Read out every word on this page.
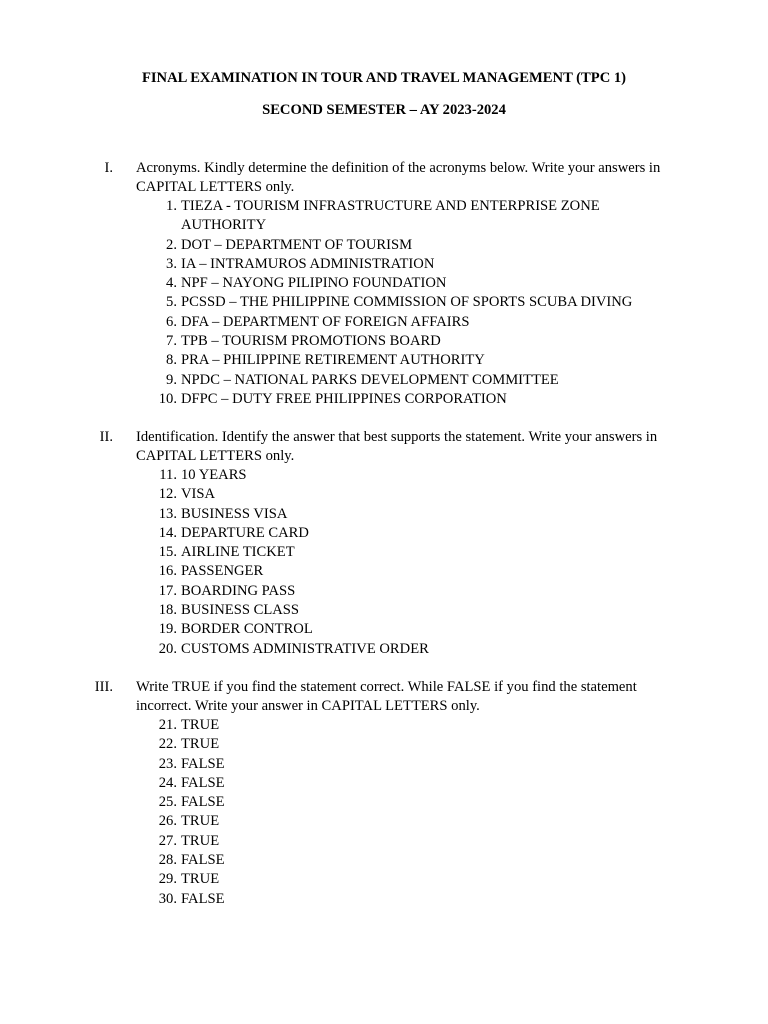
FINAL EXAMINATION IN TOUR AND TRAVEL MANAGEMENT (TPC 1)
SECOND SEMESTER – AY 2023-2024
I. Acronyms. Kindly determine the definition of the acronyms below. Write your answers in CAPITAL LETTERS only.
1. TIEZA - TOURISM INFRASTRUCTURE AND ENTERPRISE ZONE AUTHORITY
2. DOT – DEPARTMENT OF TOURISM
3. IA – INTRAMUROS ADMINISTRATION
4. NPF – NAYONG PILIPINO FOUNDATION
5. PCSSD – THE PHILIPPINE COMMISSION OF SPORTS SCUBA DIVING
6. DFA – DEPARTMENT OF FOREIGN AFFAIRS
7. TPB – TOURISM PROMOTIONS BOARD
8. PRA – PHILIPPINE RETIREMENT AUTHORITY
9. NPDC – NATIONAL PARKS DEVELOPMENT COMMITTEE
10. DFPC – DUTY FREE PHILIPPINES CORPORATION
II. Identification. Identify the answer that best supports the statement. Write your answers in CAPITAL LETTERS only.
11. 10 YEARS
12. VISA
13. BUSINESS VISA
14. DEPARTURE CARD
15. AIRLINE TICKET
16. PASSENGER
17. BOARDING PASS
18. BUSINESS CLASS
19. BORDER CONTROL
20. CUSTOMS ADMINISTRATIVE ORDER
III. Write TRUE if you find the statement correct. While FALSE if you find the statement incorrect. Write your answer in CAPITAL LETTERS only.
21. TRUE
22. TRUE
23. FALSE
24. FALSE
25. FALSE
26. TRUE
27. TRUE
28. FALSE
29. TRUE
30. FALSE
